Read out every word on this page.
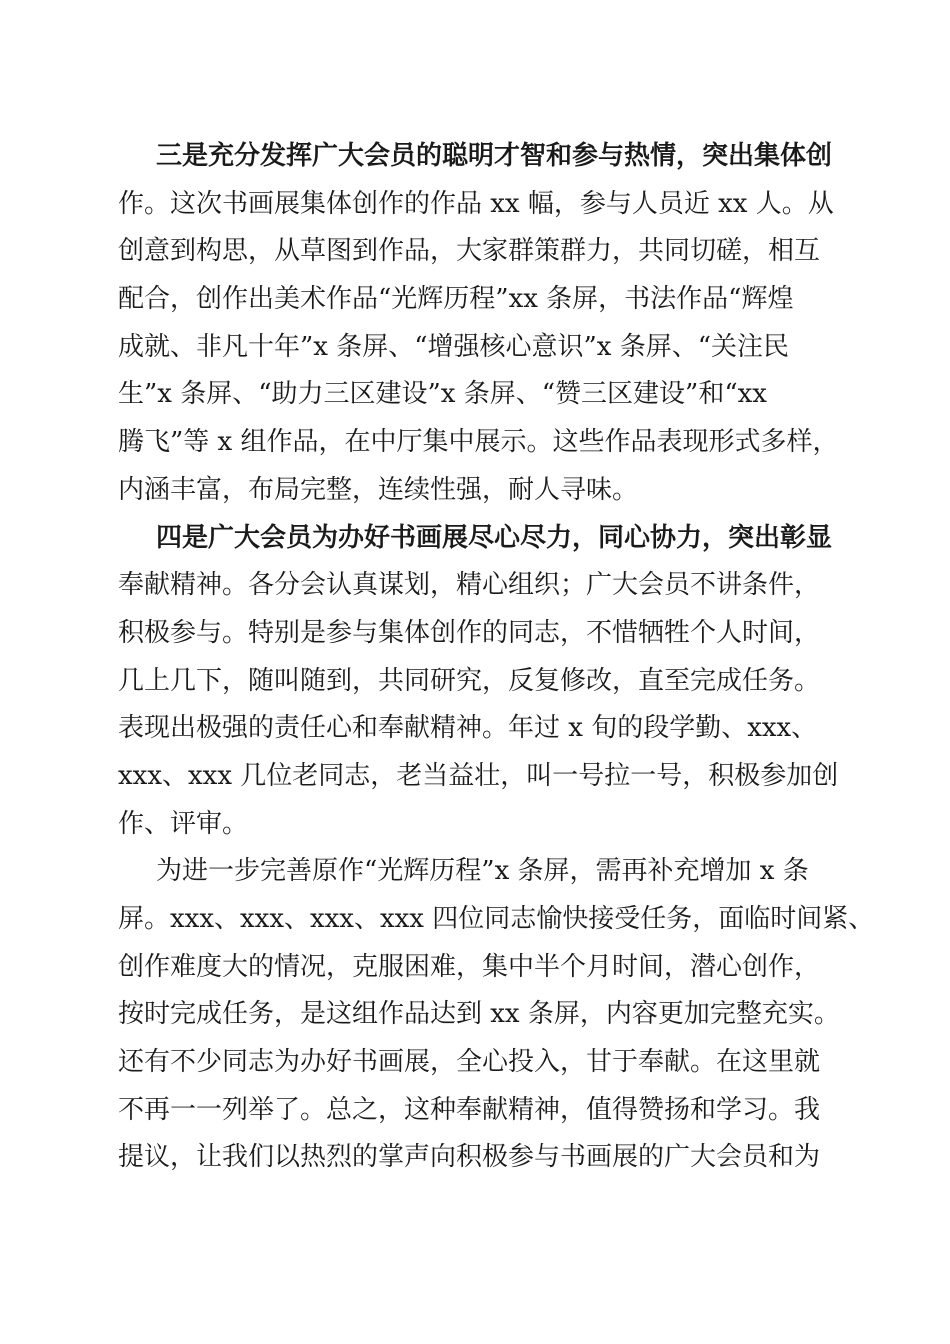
三是充分发挥广大会员的聪明才智和参与热情，突出集体创
作。这次书画展集体创作的作品 xx 幅，参与人员近 xx 人。从
创意到构思，从草图到作品，大家群策群力，共同切磋，相互
配合，创作出美术作品“光辉历程”xx 条屏，书法作品“辉煌
成就、非凡十年”x 条屏、“增强核心意识”x 条屏、“关注民
生”x 条屏、“助力三区建设”x 条屏、“赞三区建设”和“xx
腾飞”等 x 组作品，在中厅集中展示。这些作品表现形式多样，
内涵丰富，布局完整，连续性强，耐人寻味。
四是广大会员为办好书画展尽心尽力，同心协力，突出彰显
奉献精神。各分会认真谋划，精心组织；广大会员不讲条件，
积极参与。特别是参与集体创作的同志，不惜牺牲个人时间，
几上几下，随叫随到，共同研究，反复修改，直至完成任务。
表现出极强的责任心和奉献精神。年过 x 旬的段学勤、xxx、
xxx、xxx 几位老同志，老当益壮，叫一号拉一号，积极参加创
作、评审。
为进一步完善原作“光辉历程”x 条屏，需再补充增加 x 条
屏。xxx、xxx、xxx、xxx 四位同志愉快接受任务，面临时间紧、
创作难度大的情况，克服困难，集中半个月时间，潜心创作，
按时完成任务，是这组作品达到 xx 条屏，内容更加完整充实。
还有不少同志为办好书画展，全心投入，甘于奉献。在这里就
不再一一列举了。总之，这种奉献精神，值得赞扬和学习。我
提议，让我们以热烈的掌声向积极参与书画展的广大会员和为
